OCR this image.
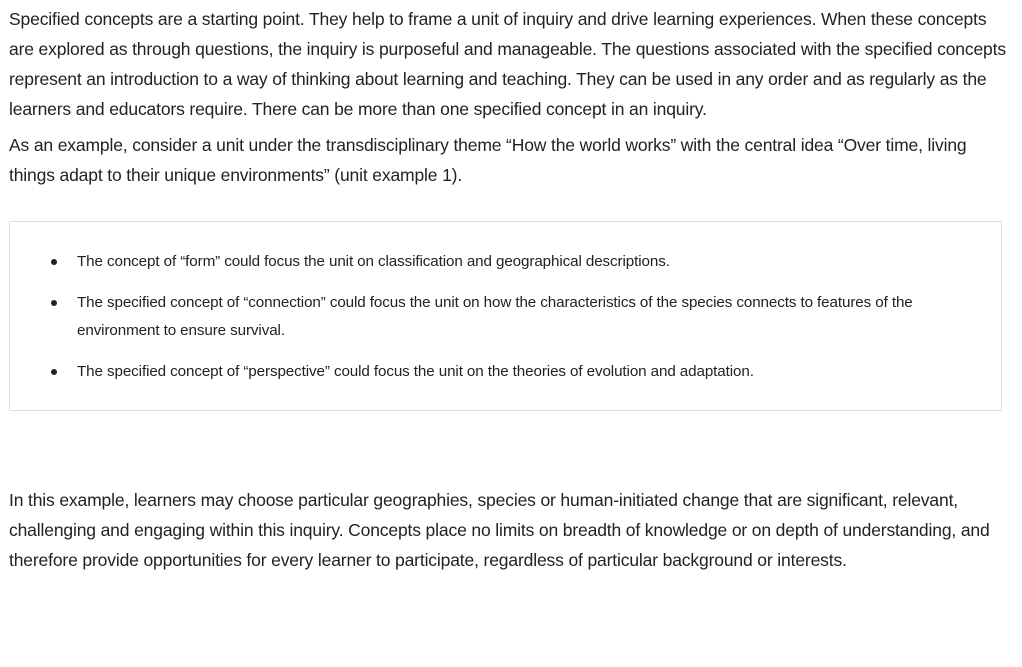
Specified concepts are a starting point. They help to frame a unit of inquiry and drive learning experiences. When these concepts are explored as through questions, the inquiry is purposeful and manageable. The questions associated with the specified concepts represent an introduction to a way of thinking about learning and teaching. They can be used in any order and as regularly as the learners and educators require. There can be more than one specified concept in an inquiry.

As an example, consider a unit under the transdisciplinary theme “How the world works” with the central idea “Over time, living things adapt to their unique environments” (unit example 1).

The concept of “form” could focus the unit on classification and geographical descriptions.
The specified concept of “connection” could focus the unit on how the characteristics of the species connects to features of the environment to ensure survival.
The specified concept of “perspective” could focus the unit on the theories of evolution and adaptation.

In this example, learners may choose particular geographies, species or human-initiated change that are significant, relevant, challenging and engaging within this inquiry. Concepts place no limits on breadth of knowledge or on depth of understanding, and therefore provide opportunities for every learner to participate, regardless of particular background or interests.
